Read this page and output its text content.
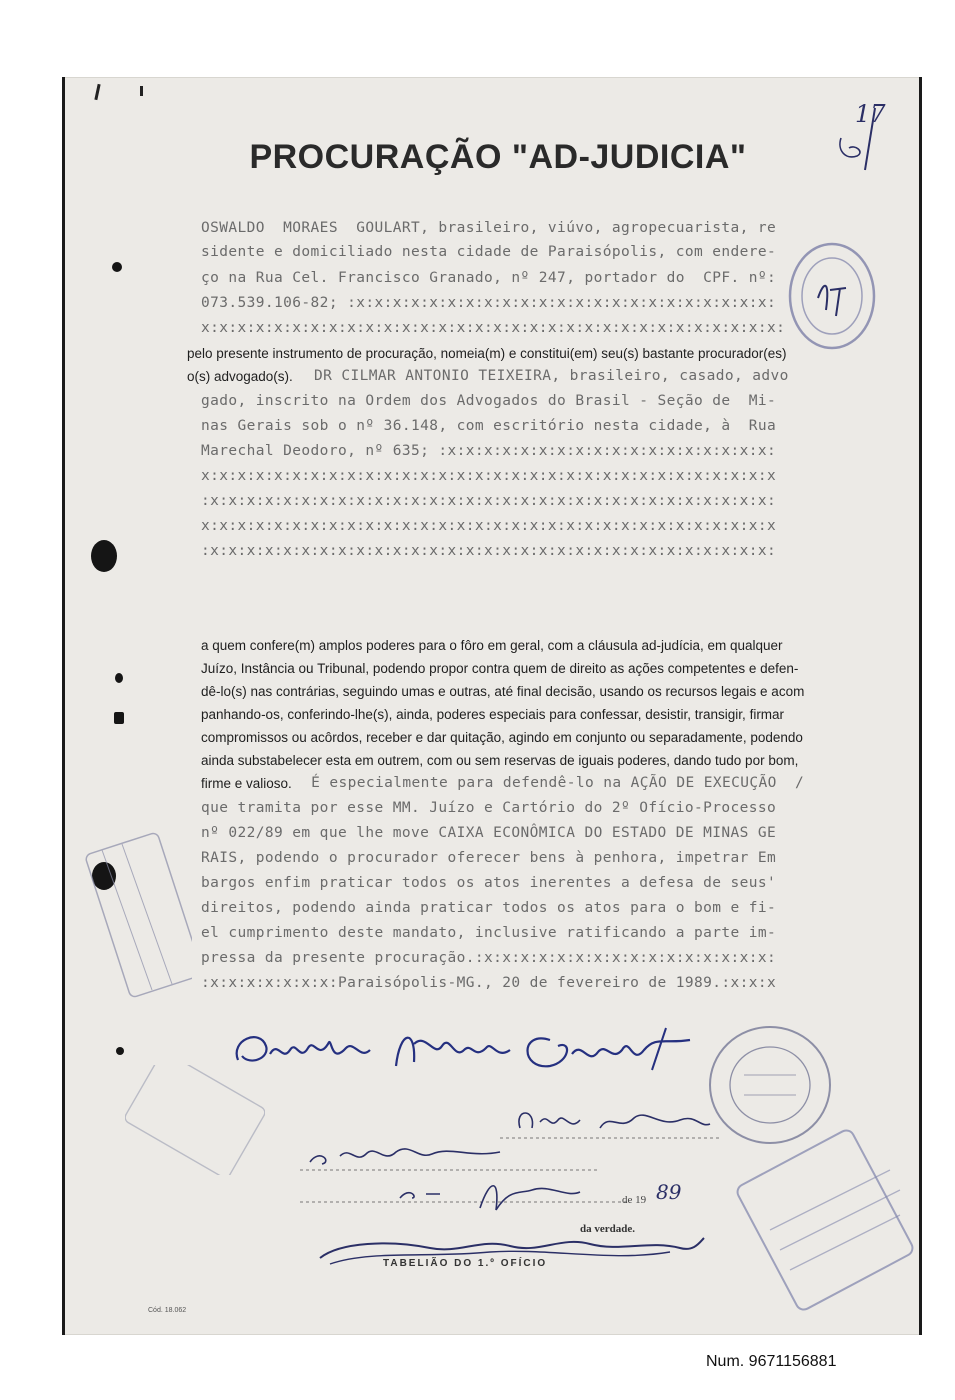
17
PROCURAÇÃO "AD-JUDICIA"
OSWALDO  MORAES  GOULART, brasileiro, viúvo, agropecuarista, re
sidente e domiciliado nesta cidade de Paraisópolis, com endere-
ço na Rua Cel. Francisco Granado, nº 247, portador do  CPF. nº:
073.539.106-82; :x:x:x:x:x:x:x:x:x:x:x:x:x:x:x:x:x:x:x:x:x:x:x:
x:x:x:x:x:x:x:x:x:x:x:x:x:x:x:x:x:x:x:x:x:x:x:x:x:x:x:x:x:x:x:x:
pelo presente instrumento de procuração, nomeia(m) e constitui(em) seu(s) bastante procurador(es)
o(s) advogado(s). DR CILMAR ANTONIO TEIXEIRA, brasileiro, casado, advo
gado, inscrito na Ordem dos Advogados do Brasil - Seção de  Mi-
nas Gerais sob o nº 36.148, com escritório nesta cidade, à  Rua
Marechal Deodoro, nº 635; :x:x:x:x:x:x:x:x:x:x:x:x:x:x:x:x:x:x:
x:x:x:x:x:x:x:x:x:x:x:x:x:x:x:x:x:x:x:x:x:x:x:x:x:x:x:x:x:x:x:x
:x:x:x:x:x:x:x:x:x:x:x:x:x:x:x:x:x:x:x:x:x:x:x:x:x:x:x:x:x:x:x:
x:x:x:x:x:x:x:x:x:x:x:x:x:x:x:x:x:x:x:x:x:x:x:x:x:x:x:x:x:x:x:x
:x:x:x:x:x:x:x:x:x:x:x:x:x:x:x:x:x:x:x:x:x:x:x:x:x:x:x:x:x:x:x:
a quem confere(m) amplos poderes para o fôro em geral, com a cláusula ad-judícia, em qualquer
Juízo, Instância ou Tribunal, podendo propor contra quem de direito as ações competentes e defen-
dê-lo(s) nas contrárias, seguindo umas e outras, até final decisão, usando os recursos legais e acom
panhando-os, conferindo-lhe(s), ainda, poderes especiais para confessar, desistir, transigir, firmar
compromissos ou acôrdos, receber e dar quitação, agindo em conjunto ou separadamente, podendo
ainda substabelecer esta em outrem, com ou sem reservas de iguais poderes, dando tudo por bom,
firme e valioso. É especialmente para defendê-lo na AÇÃO DE EXECUÇÃO  /
que tramita por esse MM. Juízo e Cartório do 2º Ofício-Processo
nº 022/89 em que lhe move CAIXA ECONÔMICA DO ESTADO DE MINAS GE
RAIS, podendo o procurador oferecer bens à penhora, impetrar Em
bargos enfim praticar todos os atos inerentes a defesa de seus'
direitos, podendo ainda praticar todos os atos para o bom e fi-
el cumprimento deste mandato, inclusive ratificando a parte im-
pressa da presente procuração.:x:x:x:x:x:x:x:x:x:x:x:x:x:x:x:x:
:x:x:x:x:x:x:x:Paraisópolis-MG., 20 de fevereiro de 1989.:x:x:x
de 19 89
da verdade.
TABELIÃO DO 1.º OFÍCIO
Cód. 18.062
Num. 9671156881
